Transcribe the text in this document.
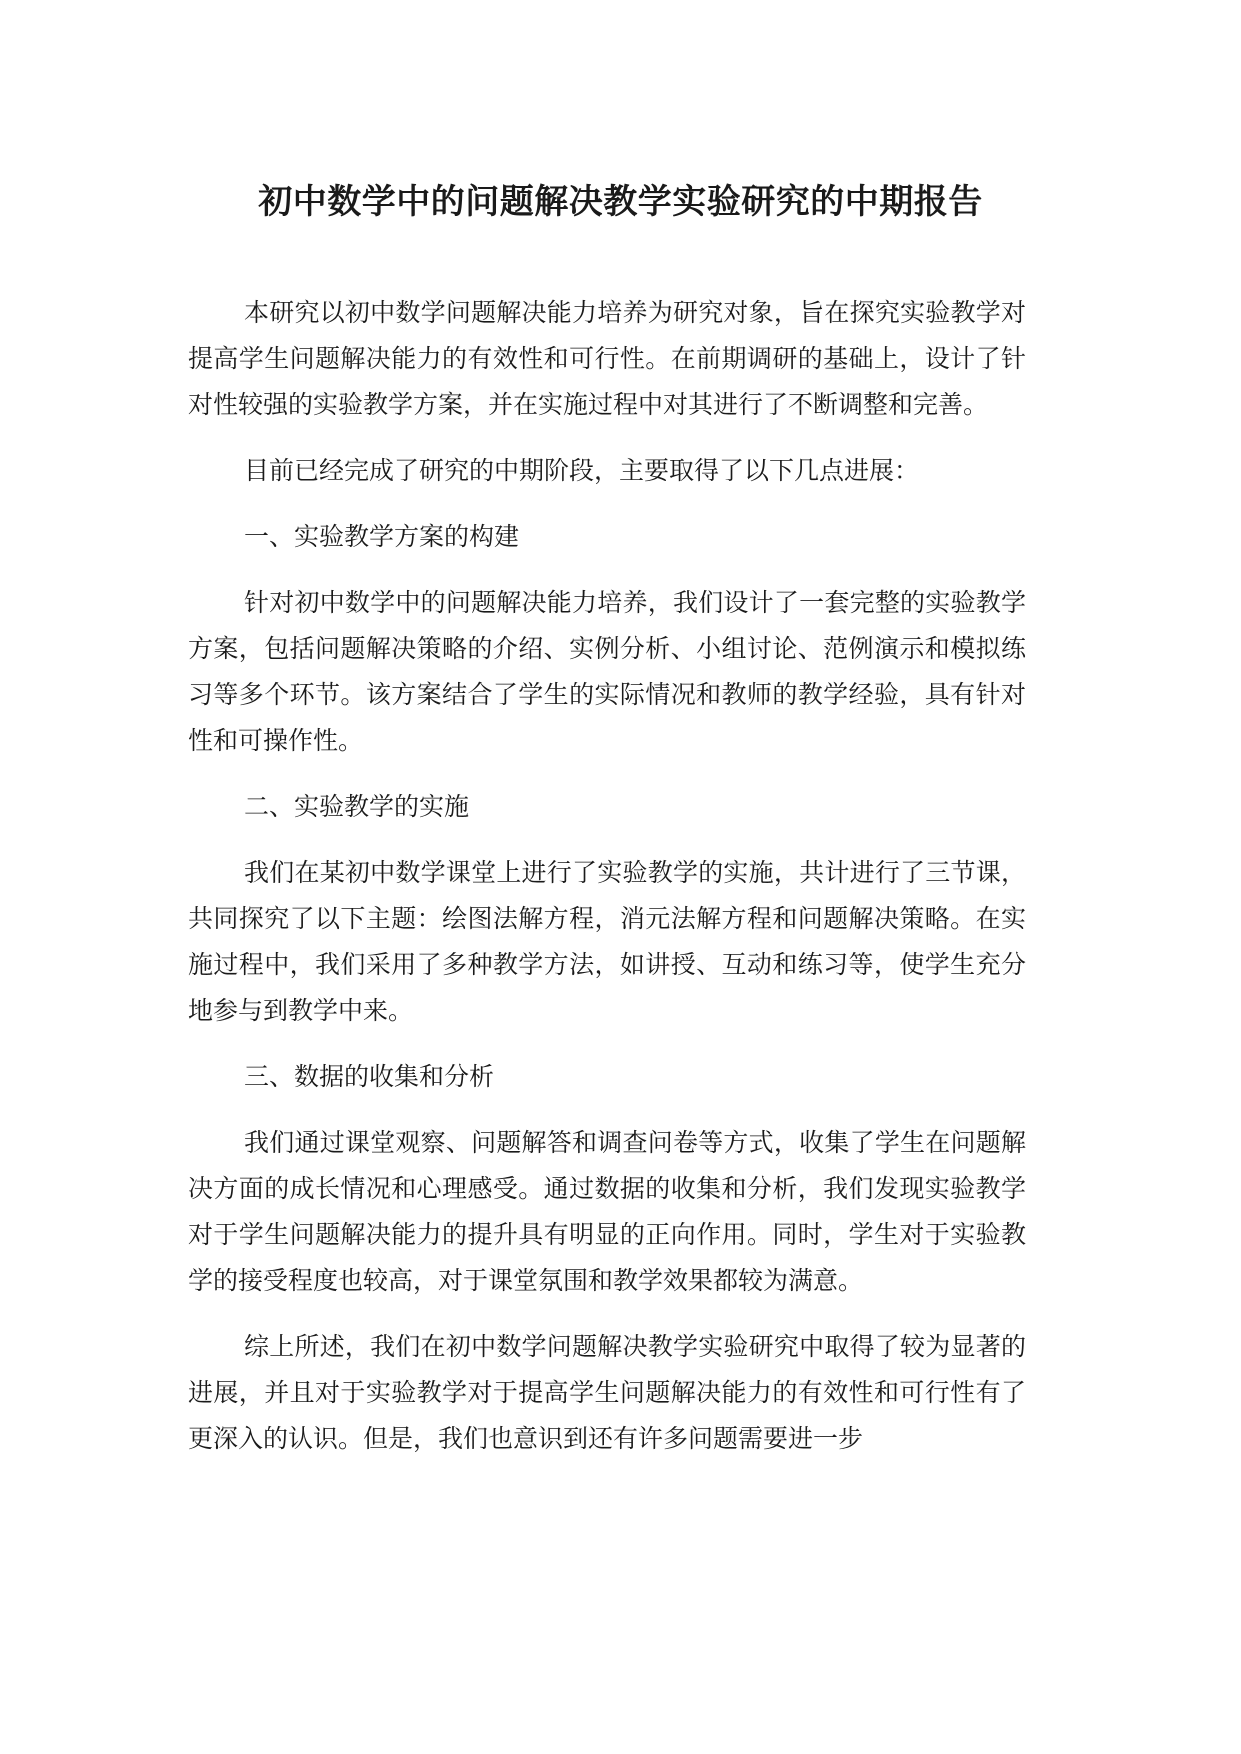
初中数学中的问题解决教学实验研究的中期报告

本研究以初中数学问题解决能力培养为研究对象，旨在探究实验教学对提高学生问题解决能力的有效性和可行性。在前期调研的基础上，设计了针对性较强的实验教学方案，并在实施过程中对其进行了不断调整和完善。

目前已经完成了研究的中期阶段，主要取得了以下几点进展：

一、实验教学方案的构建

针对初中数学中的问题解决能力培养，我们设计了一套完整的实验教学方案，包括问题解决策略的介绍、实例分析、小组讨论、范例演示和模拟练习等多个环节。该方案结合了学生的实际情况和教师的教学经验，具有针对性和可操作性。

二、实验教学的实施

我们在某初中数学课堂上进行了实验教学的实施，共计进行了三节课，共同探究了以下主题：绘图法解方程，消元法解方程和问题解决策略。在实施过程中，我们采用了多种教学方法，如讲授、互动和练习等，使学生充分地参与到教学中来。

三、数据的收集和分析

我们通过课堂观察、问题解答和调查问卷等方式，收集了学生在问题解决方面的成长情况和心理感受。通过数据的收集和分析，我们发现实验教学对于学生问题解决能力的提升具有明显的正向作用。同时，学生对于实验教学的接受程度也较高，对于课堂氛围和教学效果都较为满意。

综上所述，我们在初中数学问题解决教学实验研究中取得了较为显著的进展，并且对于实验教学对于提高学生问题解决能力的有效性和可行性有了更深入的认识。但是，我们也意识到还有许多问题需要进一步
